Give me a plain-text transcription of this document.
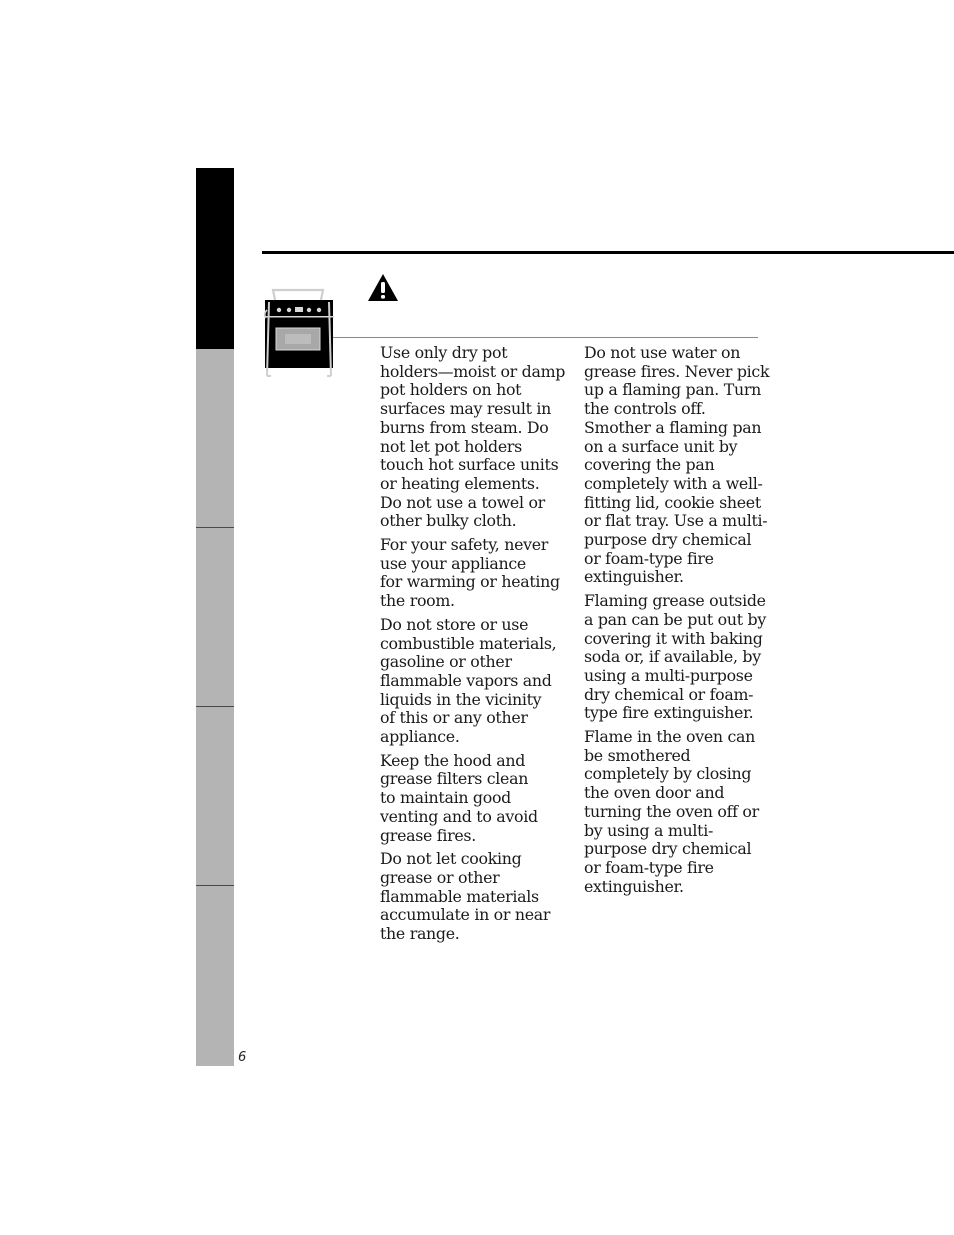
Use only dry pot
holders—moist or damp
pot holders on hot
surfaces may result in
burns from steam. Do
not let pot holders
touch hot surface units
or heating elements.
Do not use a towel or
other bulky cloth.

For your safety, never
use your appliance
for warming or heating
the room.

Do not store or use
combustible materials,
gasoline or other
flammable vapors and
liquids in the vicinity
of this or any other
appliance.

Keep the hood and
grease filters clean
to maintain good
venting and to avoid
grease fires.

Do not let cooking
grease or other
flammable materials
accumulate in or near
the range.

Do not use water on
grease fires. Never pick
up a flaming pan. Turn
the controls off.
Smother a flaming pan
on a surface unit by
covering the pan
completely with a well-
fitting lid, cookie sheet
or flat tray. Use a multi-
purpose dry chemical
or foam-type fire
extinguisher.

Flaming grease outside
a pan can be put out by
covering it with baking
soda or, if available, by
using a multi-purpose
dry chemical or foam-
type fire extinguisher.

Flame in the oven can
be smothered
completely by closing
the oven door and
turning the oven off or
by using a multi-
purpose dry chemical
or foam-type fire
extinguisher.

6
